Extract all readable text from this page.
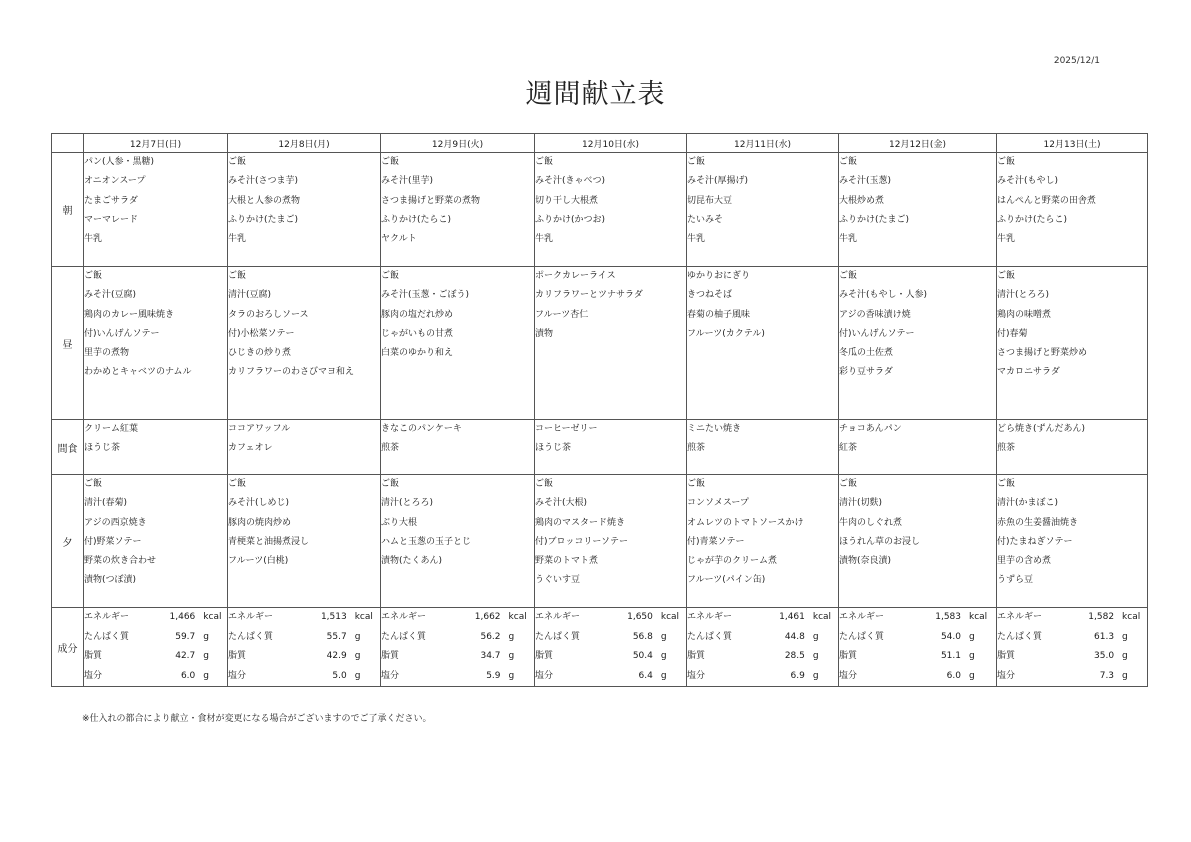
2025/12/1
週間献立表
	12月7日(日)	12月8日(月)	12月9日(火)	12月10日(水)	12月11日(水)	12月12日(金)	12月13日(土)
朝	
パン(人参・黒糖)
オニオンスープ
たまごサラダ
マーマレード
牛乳

ご飯
みそ汁(さつま芋)
大根と人参の煮物
ふりかけ(たまご)
牛乳

ご飯
みそ汁(里芋)
さつま揚げと野菜の煮物
ふりかけ(たらこ)
ヤクルト

ご飯
みそ汁(きゃべつ)
切り干し大根煮
ふりかけ(かつお)
牛乳

ご飯
みそ汁(厚揚げ)
切昆布大豆
たいみそ
牛乳

ご飯
みそ汁(玉葱)
大根炒め煮
ふりかけ(たまご)
牛乳

ご飯
みそ汁(もやし)
はんぺんと野菜の田舎煮
ふりかけ(たらこ)
牛乳

昼	
ご飯
みそ汁(豆腐)
鶏肉のカレー風味焼き
付)いんげんソテー
里芋の煮物
わかめとキャベツのナムル

ご飯
清汁(豆腐)
タラのおろしソース
付)小松菜ソテー
ひじきの炒り煮
カリフラワーのわさびマヨ和え

ご飯
みそ汁(玉葱・ごぼう)
豚肉の塩だれ炒め
じゃがいもの甘煮
白菜のゆかり和え

ポークカレーライス
カリフラワーとツナサラダ
フルーツ杏仁
漬物

ゆかりおにぎり
きつねそば
春菊の柚子風味
フルーツ(カクテル)

ご飯
みそ汁(もやし・人参)
アジの香味漬け焼
付)いんげんソテー
冬瓜の土佐煮
彩り豆サラダ

ご飯
清汁(とろろ)
鶏肉の味噌煮
付)春菊
さつま揚げと野菜炒め
マカロニサラダ

間食	
クリーム紅葉
ほうじ茶

ココアワッフル
カフェオレ

きなこのパンケーキ
煎茶

コーヒーゼリー
ほうじ茶

ミニたい焼き
煎茶

チョコあんパン
紅茶

どら焼き(ずんだあん)
煎茶

夕	
ご飯
清汁(春菊)
アジの西京焼き
付)野菜ソテー
野菜の炊き合わせ
漬物(つぼ漬)

ご飯
みそ汁(しめじ)
豚肉の焼肉炒め
青梗菜と油揚煮浸し
フルーツ(白桃)

ご飯
清汁(とろろ)
ぶり大根
ハムと玉葱の玉子とじ
漬物(たくあん)

ご飯
みそ汁(大根)
鶏肉のマスタード焼き
付)ブロッコリーソテー
野菜のトマト煮
うぐいす豆

ご飯
コンソメスープ
オムレツのトマトソースかけ
付)青菜ソテー
じゃが芋のクリーム煮
フルーツ(パイン缶)

ご飯
清汁(切麩)
牛肉のしぐれ煮
ほうれん草のお浸し
漬物(奈良漬)

ご飯
清汁(かまぼこ)
赤魚の生姜醤油焼き
付)たまねぎソテー
里芋の含め煮
うずら豆

成分	
エネルギー	1,466 kcal
たんぱく質	59.7 g
脂質	42.7 g
塩分	6.0 g

エネルギー	1,513 kcal
たんぱく質	55.7 g
脂質	42.9 g
塩分	5.0 g

エネルギー	1,662 kcal
たんぱく質	56.2 g
脂質	34.7 g
塩分	5.9 g

エネルギー	1,650 kcal
たんぱく質	56.8 g
脂質	50.4 g
塩分	6.4 g

エネルギー	1,461 kcal
たんぱく質	44.8 g
脂質	28.5 g
塩分	6.9 g

エネルギー	1,583 kcal
たんぱく質	54.0 g
脂質	51.1 g
塩分	6.0 g

エネルギー	1,582 kcal
たんぱく質	61.3 g
脂質	35.0 g
塩分	7.3 g
※仕入れの都合により献立・食材が変更になる場合がございますのでご了承ください。
